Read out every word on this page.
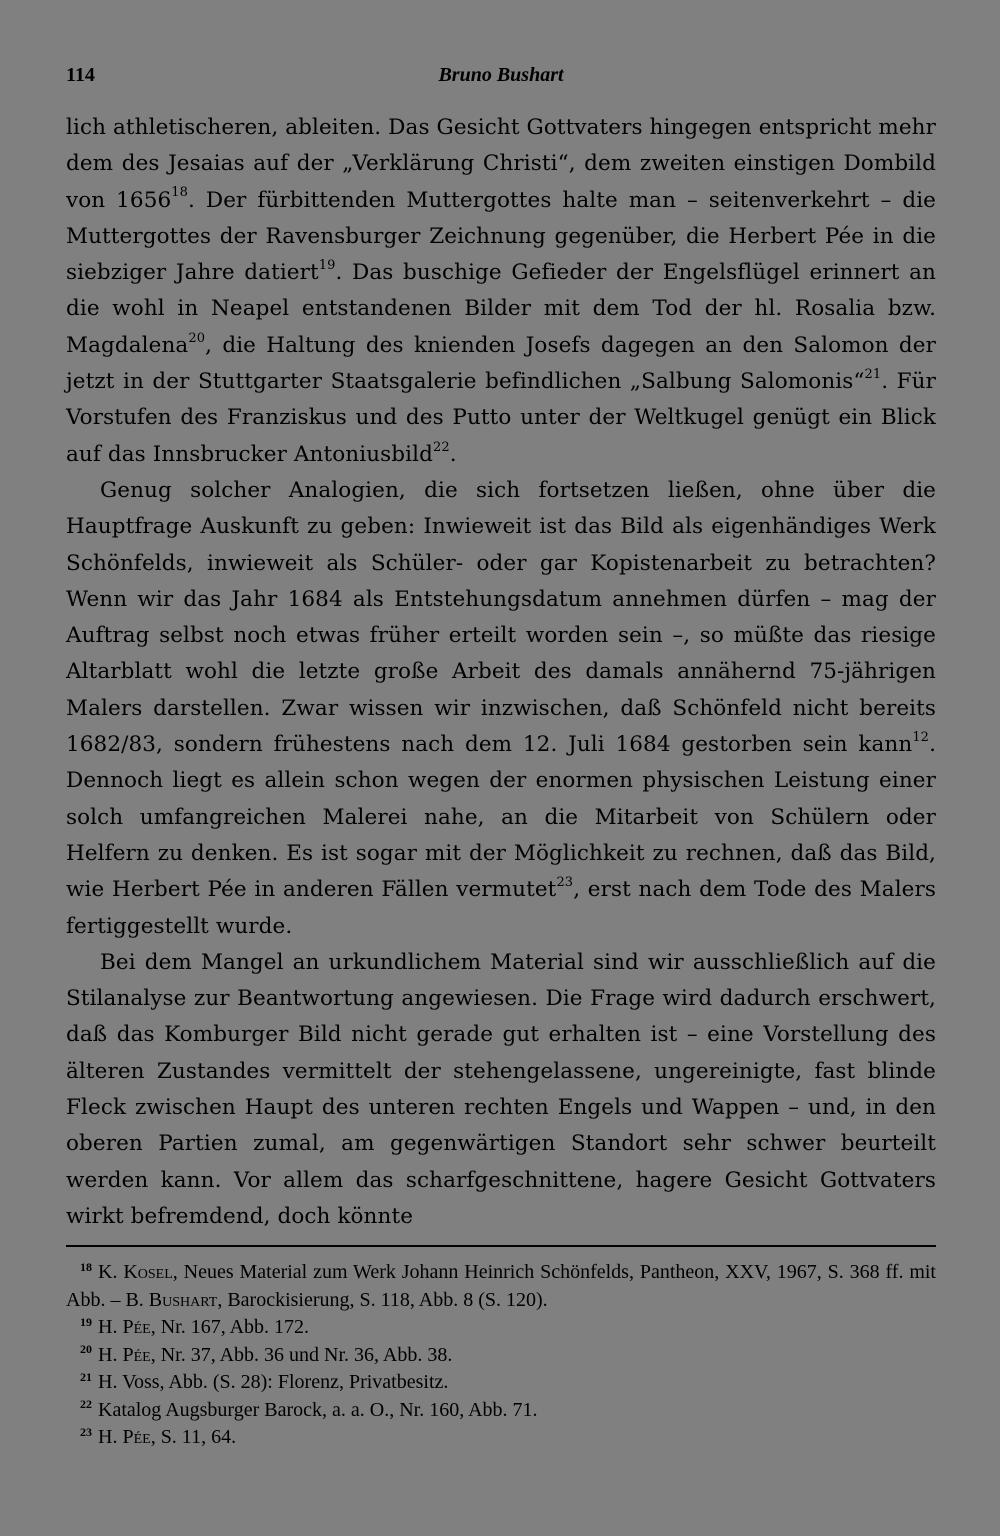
114	Bruno Bushart

lich athletischeren, ableiten. Das Gesicht Gottvaters hingegen entspricht mehr dem des Jesaias auf der „Verklärung Christi“, dem zweiten einstigen Dombild von 1656$^{18}$. Der fürbittenden Muttergottes halte man – seitenverkehrt – die Muttergottes der Ravensburger Zeichnung gegenüber, die Herbert Pée in die siebziger Jahre datiert$^{19}$. Das buschige Gefieder der Engelsflügel erinnert an die wohl in Neapel entstandenen Bilder mit dem Tod der hl. Rosalia bzw. Magdalena$^{20}$, die Haltung des knienden Josefs dagegen an den Salomon der jetzt in der Stuttgarter Staatsgalerie befindlichen „Salbung Salomonis“$^{21}$. Für Vorstufen des Franziskus und des Putto unter der Weltkugel genügt ein Blick auf das Innsbrucker Antoniusbild$^{22}$.

Genug solcher Analogien, die sich fortsetzen ließen, ohne über die Hauptfrage Auskunft zu geben: Inwieweit ist das Bild als eigenhändiges Werk Schönfelds, inwieweit als Schüler- oder gar Kopistenarbeit zu betrachten? Wenn wir das Jahr 1684 als Entstehungsdatum annehmen dürfen – mag der Auftrag selbst noch etwas früher erteilt worden sein –, so müßte das riesige Altarblatt wohl die letzte große Arbeit des damals annähernd 75-jährigen Malers darstellen. Zwar wissen wir inzwischen, daß Schönfeld nicht bereits 1682/83, sondern frühestens nach dem 12. Juli 1684 gestorben sein kann$^{12}$. Dennoch liegt es allein schon wegen der enormen physischen Leistung einer solch umfangreichen Malerei nahe, an die Mitarbeit von Schülern oder Helfern zu denken. Es ist sogar mit der Möglichkeit zu rechnen, daß das Bild, wie Herbert Pée in anderen Fällen vermutet$^{23}$, erst nach dem Tode des Malers fertiggestellt wurde.

Bei dem Mangel an urkundlichem Material sind wir ausschließlich auf die Stilanalyse zur Beantwortung angewiesen. Die Frage wird dadurch erschwert, daß das Komburger Bild nicht gerade gut erhalten ist – eine Vorstellung des älteren Zustandes vermittelt der stehengelassene, ungereinigte, fast blinde Fleck zwischen Haupt des unteren rechten Engels und Wappen – und, in den oberen Partien zumal, am gegenwärtigen Standort sehr schwer beurteilt werden kann. Vor allem das scharfgeschnittene, hagere Gesicht Gottvaters wirkt befremdend, doch könnte

$^{18}$ K. Kosel, Neues Material zum Werk Johann Heinrich Schönfelds, Pantheon, XXV, 1967, S. 368 ff. mit Abb. – B. Bushart, Barockisierung, S. 118, Abb. 8 (S. 120).
$^{19}$ H. Pée, Nr. 167, Abb. 172.
$^{20}$ H. Pée, Nr. 37, Abb. 36 und Nr. 36, Abb. 38.
$^{21}$ H. Voss, Abb. (S. 28): Florenz, Privatbesitz.
$^{22}$ Katalog Augsburger Barock, a. a. O., Nr. 160, Abb. 71.
$^{23}$ H. Pée, S. 11, 64.
